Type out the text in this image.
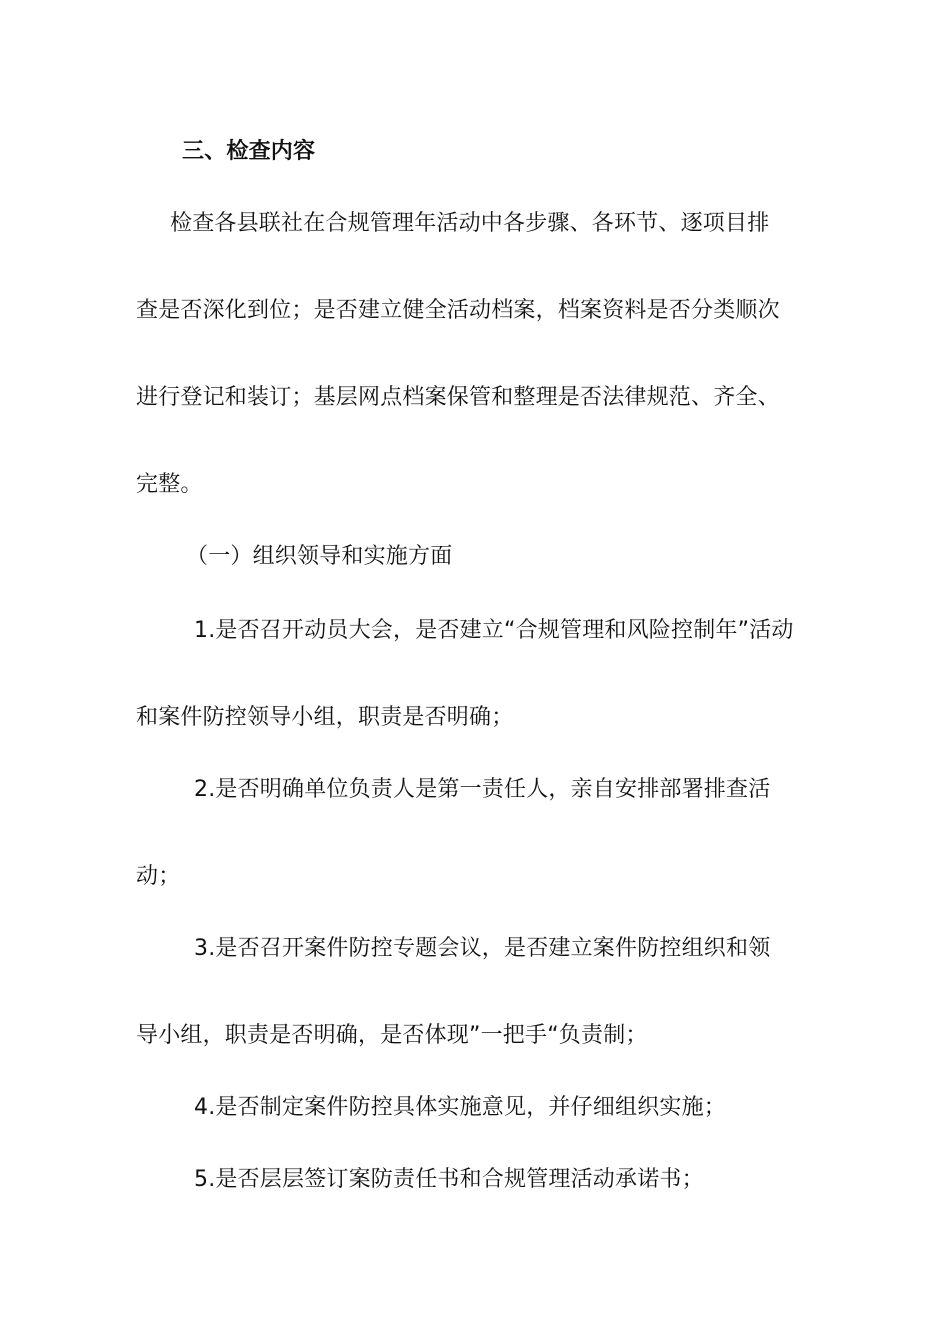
三、检查内容
检查各县联社在合规管理年活动中各步骤、各环节、逐项目排
查是否深化到位；是否建立健全活动档案，档案资料是否分类顺次
进行登记和装订；基层网点档案保管和整理是否法律规范、齐全、
完整。
（一）组织领导和实施方面
1.是否召开动员大会，是否建立“合规管理和风险控制年”活动
和案件防控领导小组，职责是否明确；
2.是否明确单位负责人是第一责任人，亲自安排部署排查活
动；
3.是否召开案件防控专题会议，是否建立案件防控组织和领
导小组，职责是否明确，是否体现”一把手“负责制；
4.是否制定案件防控具体实施意见，并仔细组织实施；
5.是否层层签订案防责任书和合规管理活动承诺书；
